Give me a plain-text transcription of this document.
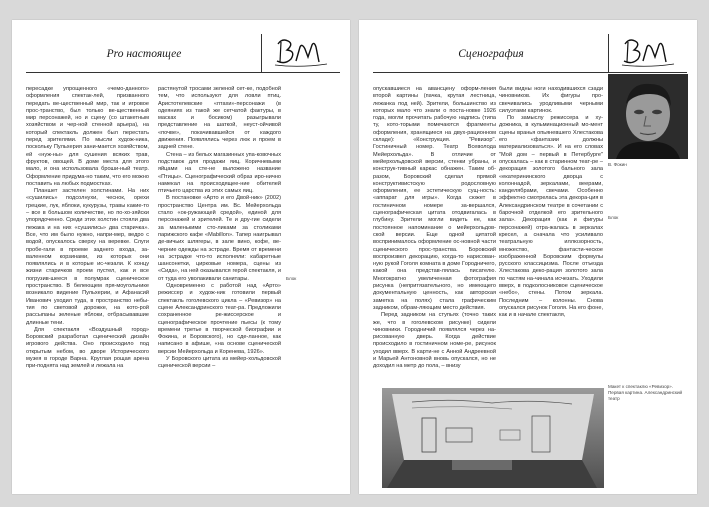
Pro настоящее

пересадке упрощенного «чемо-данного» оформления спектак-лей, призванного передать ве-щественный мир, так и игровое прос-транство, был только ве-щественный мир персонажей, но и сцену (со штакетным хозяйством и чер-ной стенной арьера), на который спектакль должен был перестать перед зрителями. По мысли худож-ника, поскольку Пульхерия зани-мается хозяйством, ей «нуж-ны» для сушения всяких трав, фруктов, овощей. В доме места для этого мало, и она использовала броши-ный театр. Оформление придума-но таким, что его можно поставить на любых подмостках.

Планшет застелен холстинами. На них «сушились» подсолнухи, чеснок, орехи грецкие, лук, яблоки, кукурузы, травы какие-то – все в большом количестве, но по-хо-зяйски упорядоченно. Среди этих холстин стояли два пежака и на них «сушились» два старичка». Все, что им было нужно, напри-мер, ведро с водой, опускалось сверху на веревке. Слуги пробе-гали в проеме заднего входа, за-валенном корзинами, из которых они появлялись и в которые ис-чезали. К концу жизни старичков проем пустел, как и все погрузив-шееся в полумрак сценическое пространство. В белеющем пря-моугольнике возникало видение Пульхерии, и Афанасий Иванович уходил туда, в пространство небы-тия по световой дорожке, на кото-рой рассыпаны зеленые яблоки, отбрасывавшие длинные тени.

Для спектакля «Воздушный город» Боровский разработал сценический дизайн игрового действа. Оно происходило под открытым небом, во дворе Исторического музея в городе Варна. Круглая рощая арена при-поднята над землей и лежала на

растянутой тросами зеленой сет-ке, подобной тем, что используют для ловли птиц. Аристотелевские «птахи»-персонажи (в одеяниях из такой же сетчатой фактуры, в масках и босиком) разыгрывали представление на шаткой, неуст-ойчивой «почве», покачивавшейся от каждого движения. Появлялись через люк и проем в задней стене.

Стена – из белых магазинных упа-ковочных подставок для продажи яиц. Коричневыми яйцами на сте-не выложено название «Птицы». Сценографический образ иро-нично намекал на происходящее-ние обителей птичьего царства из этих самых яиц.

В постановке «Арто и его Двой-ник» (2002) пространство Центра им. Вс. Мейерхольда стало «ок-ружающей средой», единой для персонажей и зрителей. Те и дру-гие сидели за маленькими сто-ликами за столиками парижского кафе «Mabillon». Тапер наигрывал де-вичьих шлягеры, в зале вино, кофе, ве-черние одежды на эстраде. Время от времени на эстрадке что-то исполняли: кабаретные шансонетки, цирковые номера, сцены из «Сида», на ней оказывался герой спектакля, и от туда его уволакивали санитары.

Одновременно с работой над «Арто» режиссер и худож-ник готовили первый спектакль гоголевского цикла – «Ревизор» на сцене Александринского теат-ра. Предложили сохраненное ре-жиссерское и сценографическое прочтение пьесы (к тому времени третье в творческой биографии и Фокина, и Боровского), но сде-ланное, как написано в афише, «на основе сценической версии Мейерхольда и Коренева, 1926».

У Боровского цитата из мейер-хольдовской сценической версии –

Блок
Сценография

опускавшиеся на авансцену оформ-ления второй картины (пачка, крутая лестница, лежанка под ней). Зрители, большинство из которых мало что знали о поста-новке 1926 года, могли прочитать рабочую надпись (типа ту, кото-торыми помечаются фрагменты оформления, хранящиеся на двух-рационном складе): «Конструкция. "Ревизор". Гостиничный номер. Театр Всеволода Мейерхольда». В отличие от мейерхольдовской версии, стенки убраны, и конструк-тивный каркас обнажен. Таким об-разом, Боровский сделал прямой конструктивистскую родословную оформления, ее эстетическую сущ-ность: «аппарат для игры». Когда сюжет в гостиничном номере за-вершался, сценографическая цитата отодвигалась в глубину. Зрители могли видеть ее, как постоянное напоминание о мейерхольдов-ской версии. Еще одной цитатой воспринималось оформление ос-новной части сценического прос-транства. Боровский воспроизвел декорацию, когда-то нарисован-ную рукой Гоголя комната в доме Городничего, какой она представ-лялась писателю. Многократно увеличенная фотография рисунка (непритязательного, но имеющего документальную ценность, как авторская заметка на полях) стала графическим задником, обрам-ляющим место действия.

Перед задником на ступьях (точно таких же, что в гоголевском рисунке) сидели чиновники. Городничий появлялся через на-рисованную дверь. Когда действие происходило в гостиничном номе-ре, рисунок уходил вверх. В карти-не с Анной Андреевной и Марьей Антоновной вновь опускался, но не доходил на метр до пола, – внизу

были видны ноги находившихся сзади чиновников. Их фигуры про-свечивались уродливыми черными силуэтами картинок.

По замыслу режиссера и ху-дожника, в кульминационный мо-мент сцены вранья опьяневшего Хлестакова его «фантазии должны материализоваться». И на его словах "Мой дом – первый в Петербурге" опускалась – как в старинном теат-ре – декорация золотого бального зала «екатерининского дворца с колоннадой, зеркалами, веерами, канделябрами, свечами. Особенно эффектно смотрелась эта декора-ция в Александринском театре в сочетании с барочной отделкой его зрительного зала». Декорация (как и фигуры персонажей) отра-жалась в зеркалах кресел, а сначала что усиливало театральную иллюзорность, множество, фантасти-ческое изображенной Боровским формулы русского классицизма. После отъезда Хлестакова деко-рация золотого зала по частям на-чинала исчезать. Уходили вверх, в подколосниковое сценическое «небо», стены. Потом зеркала. Последним – колонны. Снова опускался рисунок Гоголя. На его фоне, как и в начале спектакля,

В. Фокин
Блок
Макет к спектаклю «Ревизор». Первая картина. Александринский театр
